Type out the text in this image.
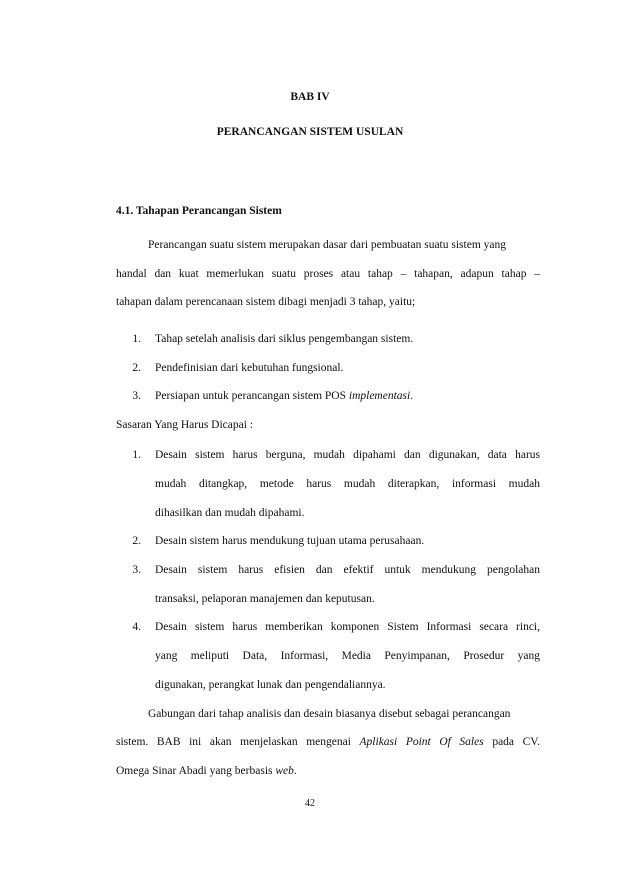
BAB IV
PERANCANGAN SISTEM USULAN
4.1. Tahapan Perancangan Sistem
Perancangan suatu sistem merupakan dasar dari pembuatan suatu sistem yang
handal dan kuat memerlukan suatu proses atau tahap – tahapan, adapun tahap –
tahapan dalam perencanaan sistem dibagi menjadi 3 tahap, yaitu;
1. Tahap setelah analisis dari siklus pengembangan sistem.
2. Pendefinisian dari kebutuhan fungsional.
3. Persiapan untuk perancangan sistem POS implementasi.
Sasaran Yang Harus Dicapai :
1. Desain sistem harus berguna, mudah dipahami dan digunakan, data harus
mudah ditangkap, metode harus mudah diterapkan, informasi mudah
dihasilkan dan mudah dipahami.
2. Desain sistem harus mendukung tujuan utama perusahaan.
3. Desain sistem harus efisien dan efektif untuk mendukung pengolahan
transaksi, pelaporan manajemen dan keputusan.
4. Desain sistem harus memberikan komponen Sistem Informasi secara rinci,
yang meliputi Data, Informasi, Media Penyimpanan, Prosedur yang
digunakan, perangkat lunak dan pengendaliannya.
Gabungan dari tahap analisis dan desain biasanya disebut sebagai perancangan
sistem. BAB ini akan menjelaskan mengenai Aplikasi Point Of Sales pada CV.
Omega Sinar Abadi yang berbasis web.
42
